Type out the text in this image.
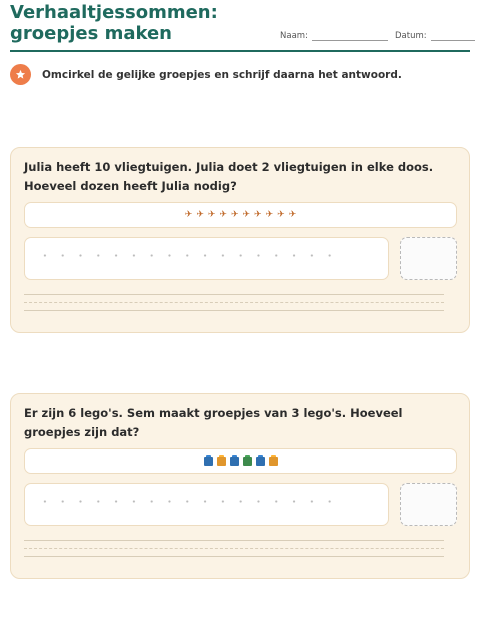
Verhaaltjessommen:
groepjes maken	Naam:	Datum:
Omcirkel de gelijke groepjes en schrijf daarna het antwoord.
Julia heeft 10 vliegtuigen. Julia doet 2 vliegtuigen in elke doos. Hoeveel dozen heeft Julia nodig?
✈ ✈ ✈ ✈ ✈ ✈ ✈ ✈ ✈ ✈
Er zijn 6 lego's. Sem maakt groepjes van 3 lego's. Hoeveel groepjes zijn dat?
